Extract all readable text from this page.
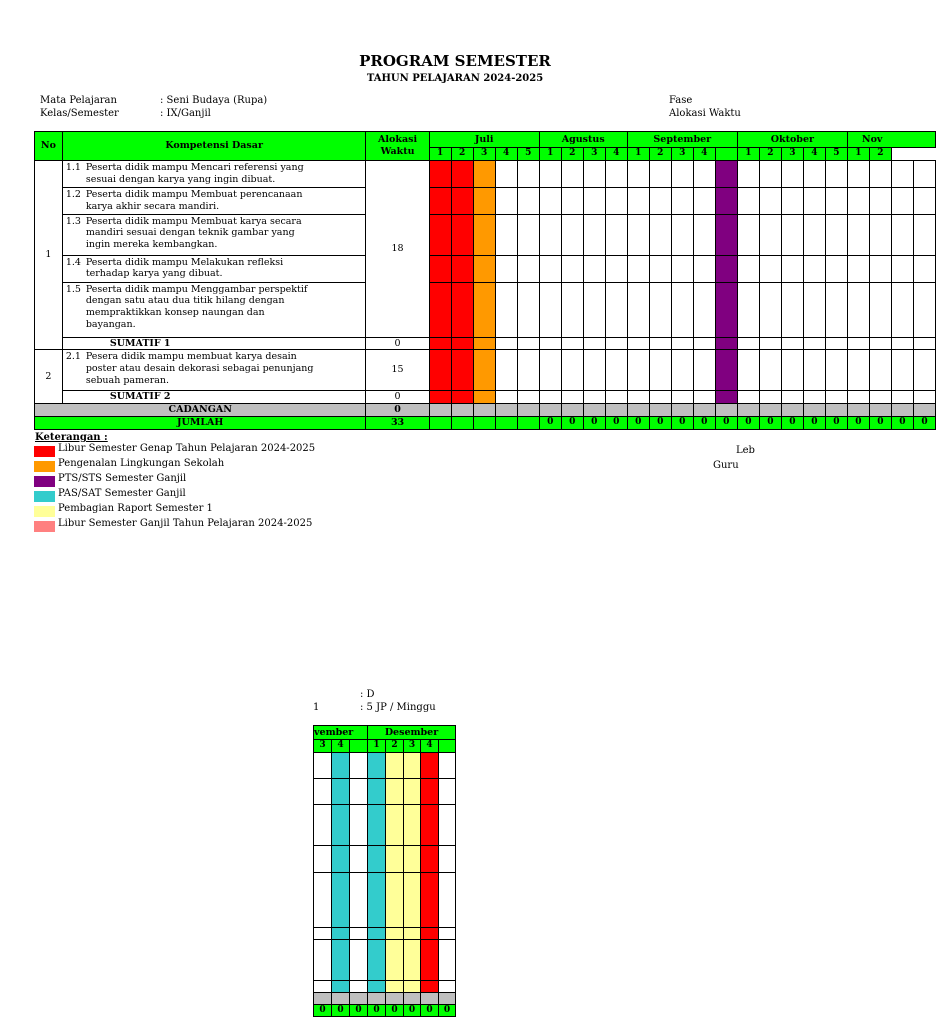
PROGRAM SEMESTER
TAHUN PELAJARAN 2024-2025
Mata Pelajaran	: Seni Budaya (Rupa)
Kelas/Semester	: IX/Ganjil
Fase
Alokasi Waktu
No	Kompetensi Dasar	Alokasi Waktu	Juli					Agustus				September					Oktober					Nov			
			1	2	3	4	5	1	2	3	4	1	2	3	4		1	2	3	4	5	1	2		
1	1.1 Peserta didik mampu Mencari referensi yang
sesuai dengan karya yang ingin dibuat.	18																							

	1.2 Peserta didik mampu Membuat perencanaan
karya akhir secara mandiri.																								

	1.3 Peserta didik mampu Membuat karya secara
mandiri sesuai dengan teknik gambar yang
ingin mereka kembangkan.																								

	1.4 Peserta didik mampu Melakukan refleksi
terhadap karya yang dibuat.																								

	1.5 Peserta didik mampu Menggambar perspektif
dengan satu atau dua titik hilang dengan
mempraktikkan konsep naungan dan
bayangan.																								

	SUMATIF 1	0																							
2	2.1 Pesera didik mampu membuat karya desain
poster atau desain dekorasi sebagai penunjang
sebuah pameran.	15																							
	SUMATIF 2	0																							
CADANGAN		0																							
JUMLAH		33						0	0	0	0	0	0	0	0	0	0	0	0	0	0	0	0	0	0
Keterangan :
Libur Semester Genap Tahun Pelajaran 2024-2025
Pengenalan Lingkungan Sekolah
PTS/STS Semester Ganjil
PAS/SAT Semester Ganjil
Pembagian Raport Semester 1
Libur Semester Ganjil Tahun Pelajaran 2024-2025
Leb
Guru
: D
1	: 5 JP / Minggu
vember			Desember				
3	4		1	2	3	4	

0	0	0	0	0	0	0	0
